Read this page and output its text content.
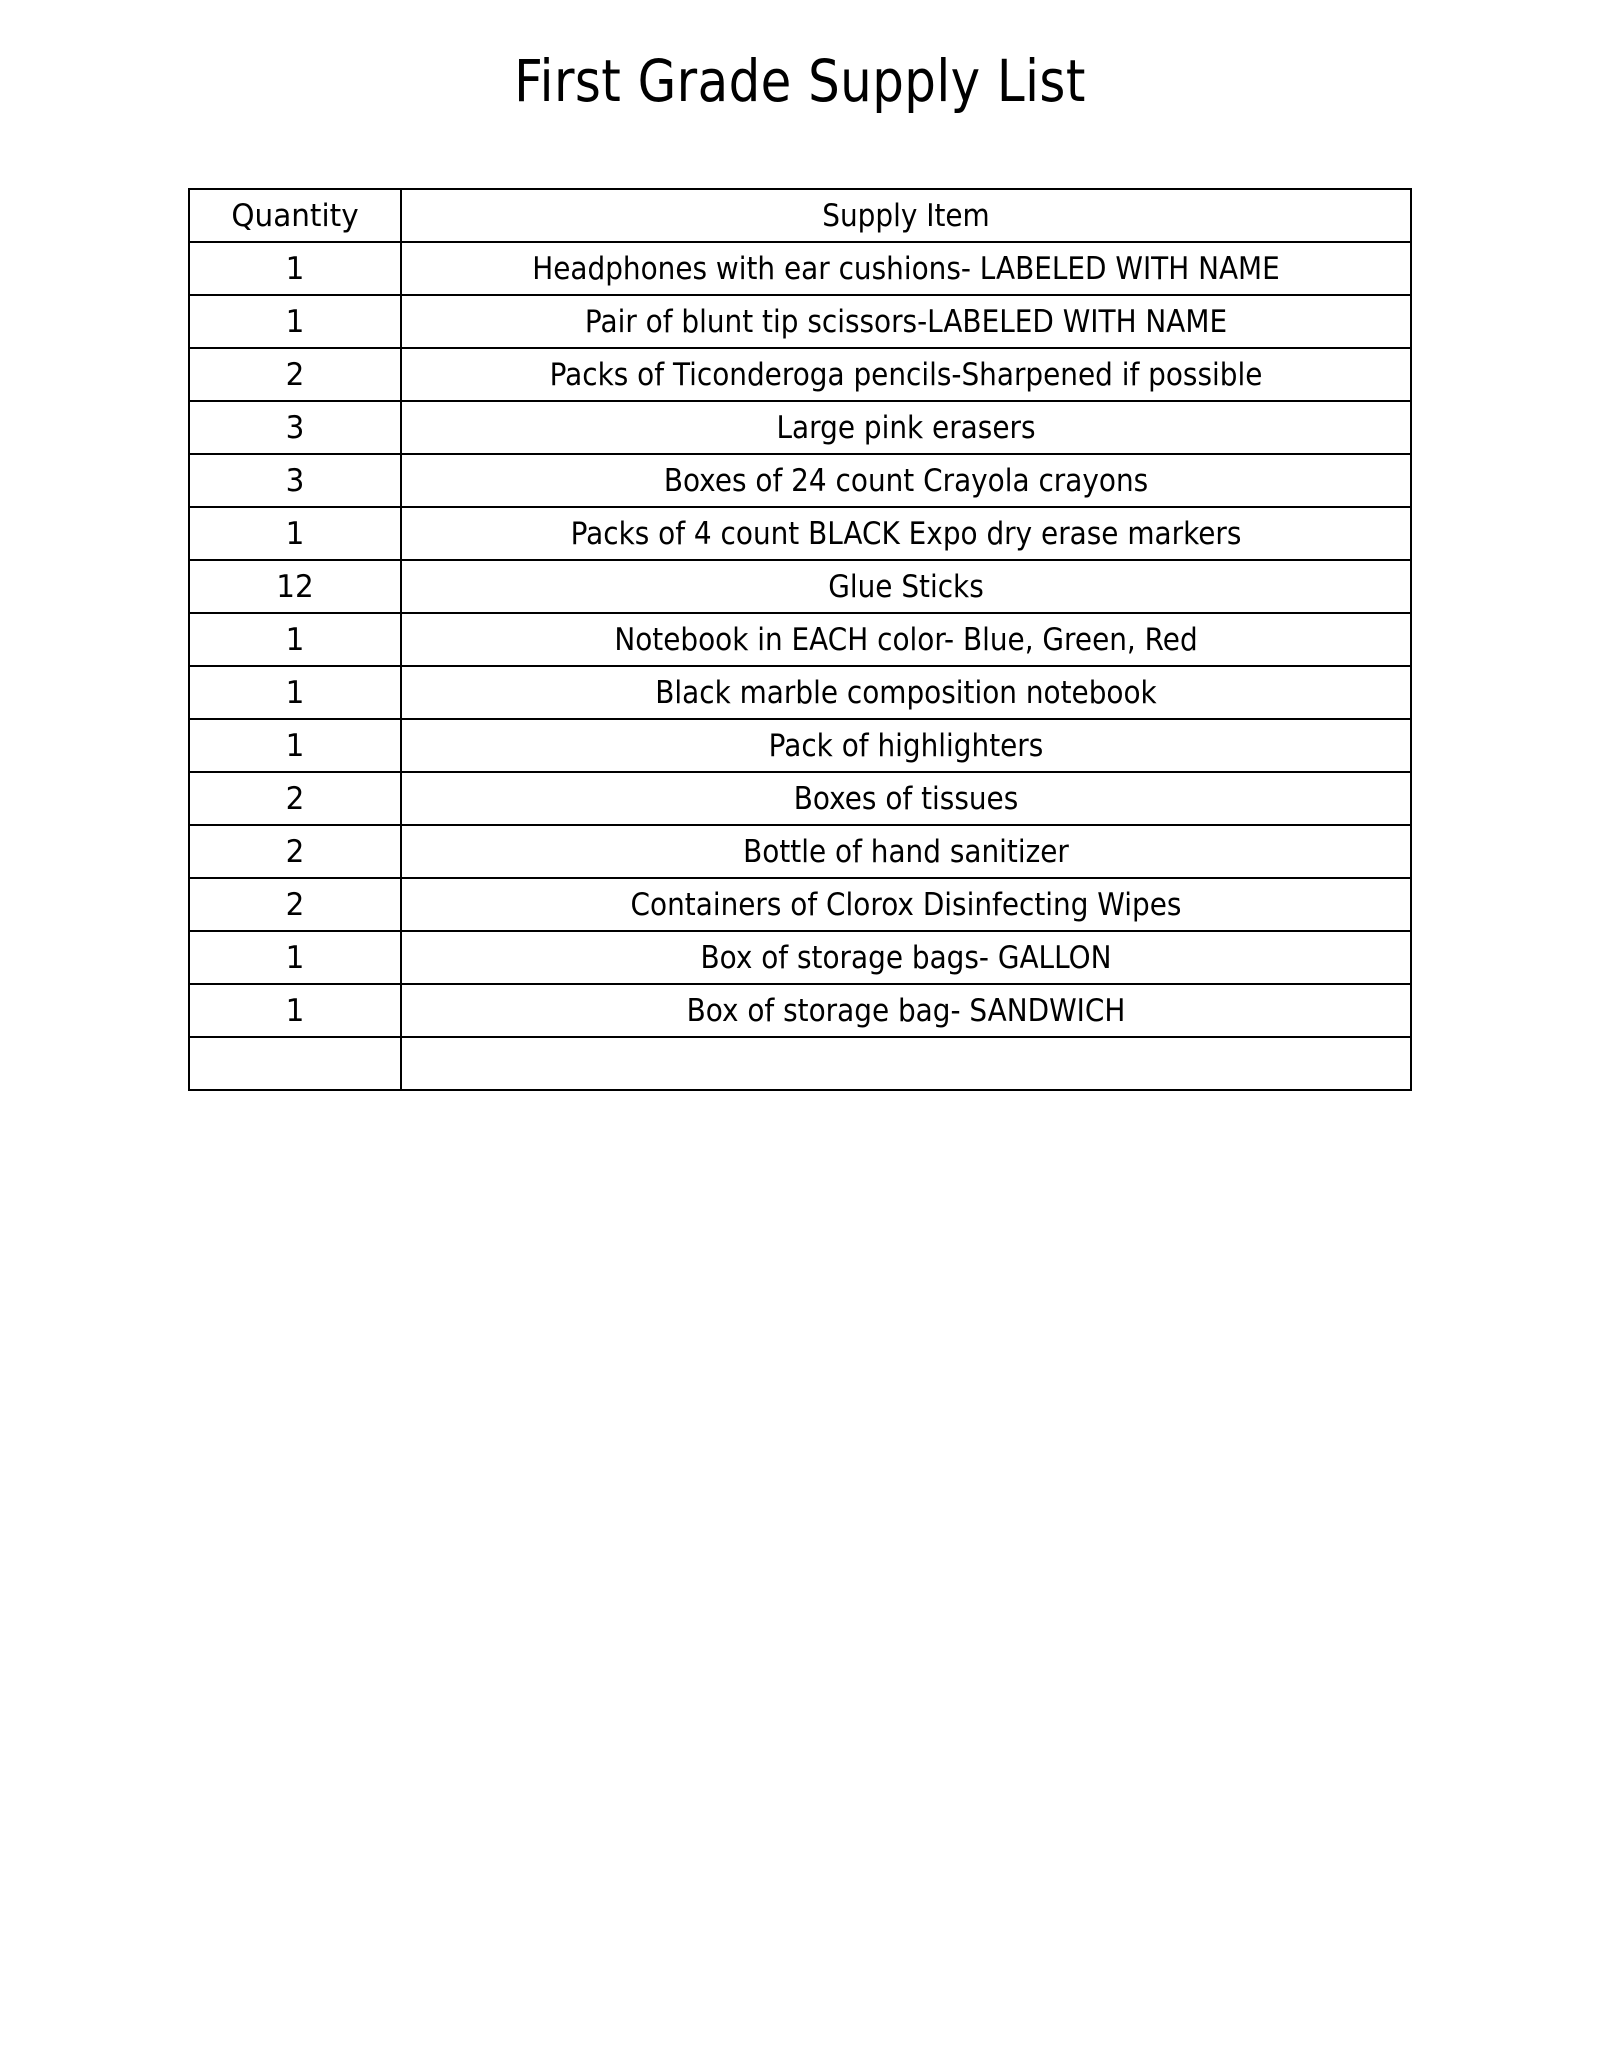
First Grade Supply List
Quantity	Supply Item

1	Headphones with ear cushions- LABELED WITH NAME

1	Pair of blunt tip scissors-LABELED WITH NAME

2	Packs of Ticonderoga pencils-Sharpened if possible

3	Large pink erasers

3	Boxes of 24 count Crayola crayons

1	Packs of 4 count BLACK Expo dry erase markers

12	Glue Sticks

1	Notebook in EACH color- Blue, Green, Red

1	Black marble composition notebook

1	Pack of highlighters

2	Boxes of tissues

2	Bottle of hand sanitizer

2	Containers of Clorox Disinfecting Wipes

1	Box of storage bags- GALLON

1	Box of storage bag- SANDWICH
